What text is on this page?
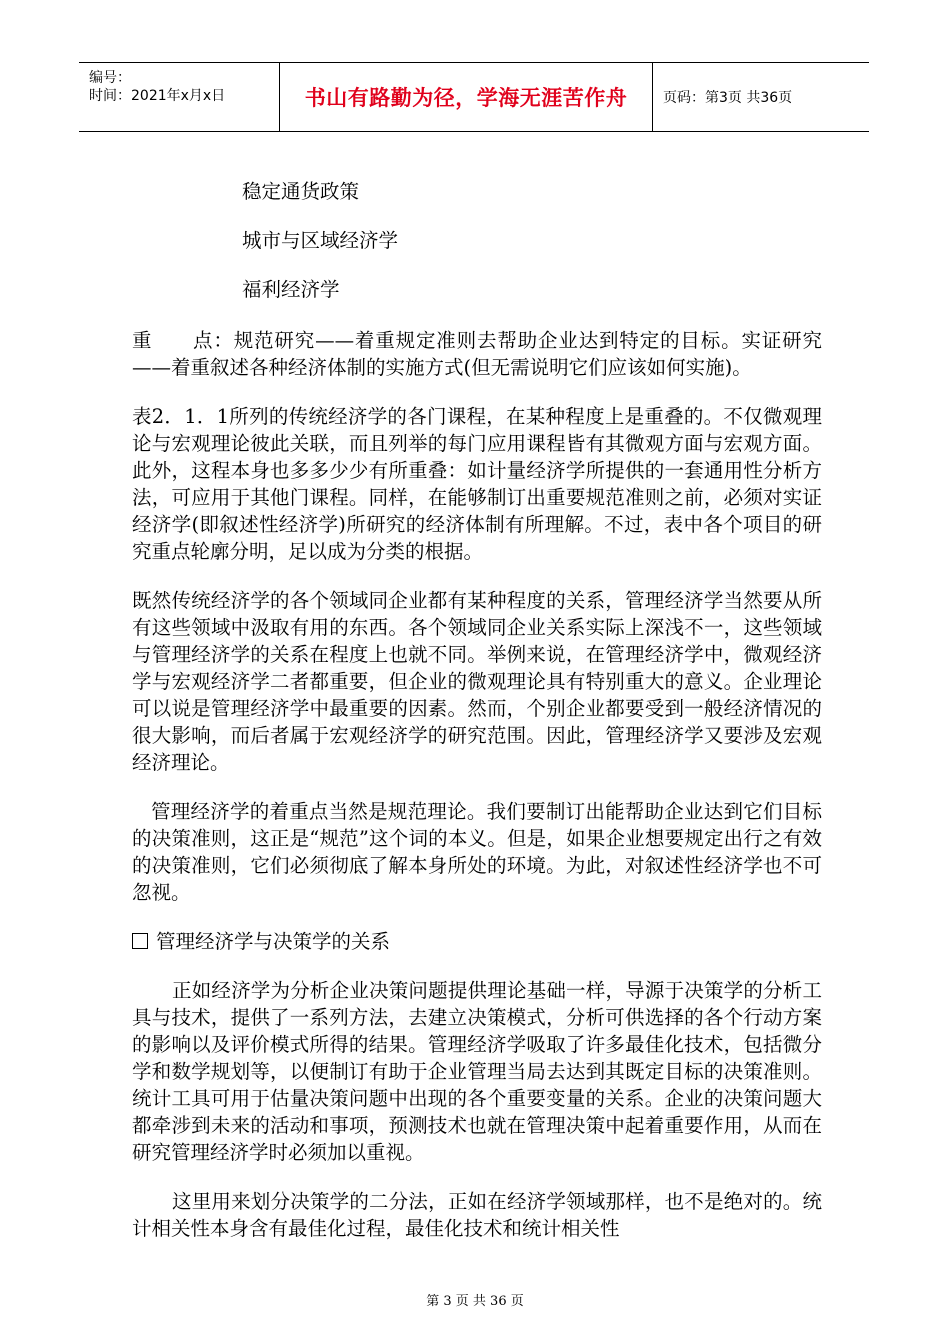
编号：
时间：2021年x月x日	书山有路勤为径，学海无涯苦作舟	页码：第3页 共36页
稳定通货政策
城市与区域经济学
福利经济学

重　　点：规范研究——着重规定准则去帮助企业达到特定的目标。实证研究——着重叙述各种经济体制的实施方式(但无需说明它们应该如何实施)。

表2．1．1所列的传统经济学的各门课程，在某种程度上是重叠的。不仅微观理论与宏观理论彼此关联，而且列举的每门应用课程皆有其微观方面与宏观方面。此外，这程本身也多多少少有所重叠：如计量经济学所提供的一套通用性分析方法，可应用于其他门课程。同样，在能够制订出重要规范准则之前，必须对实证经济学(即叙述性经济学)所研究的经济体制有所理解。不过，表中各个项目的研究重点轮廓分明，足以成为分类的根据。

既然传统经济学的各个领域同企业都有某种程度的关系，管理经济学当然要从所有这些领域中汲取有用的东西。各个领域同企业关系实际上深浅不一，这些领域与管理经济学的关系在程度上也就不同。举例来说，在管理经济学中，微观经济学与宏观经济学二者都重要，但企业的微观理论具有特别重大的意义。企业理论可以说是管理经济学中最重要的因素。然而，个别企业都要受到一般经济情况的很大影响，而后者属于宏观经济学的研究范围。因此，管理经济学又要涉及宏观经济理论。

管理经济学的着重点当然是规范理论。我们要制订出能帮助企业达到它们目标的决策准则，这正是“规范”这个词的本义。但是，如果企业想要规定出行之有效的决策准则，它们必须彻底了解本身所处的环境。为此，对叙述性经济学也不可忽视。

管理经济学与决策学的关系

正如经济学为分析企业决策问题提供理论基础一样，导源于决策学的分析工具与技术，提供了一系列方法，去建立决策模式，分析可供选择的各个行动方案的影响以及评价模式所得的结果。管理经济学吸取了许多最佳化技术，包括微分学和数学规划等，以便制订有助于企业管理当局去达到其既定目标的决策准则。统计工具可用于估量决策问题中出现的各个重要变量的关系。企业的决策问题大都牵涉到未来的活动和事项，预测技术也就在管理决策中起着重要作用，从而在研究管理经济学时必须加以重视。

这里用来划分决策学的二分法，正如在经济学领域那样，也不是绝对的。统计相关性本身含有最佳化过程，最佳化技术和统计相关性

第 3 页 共 36 页
